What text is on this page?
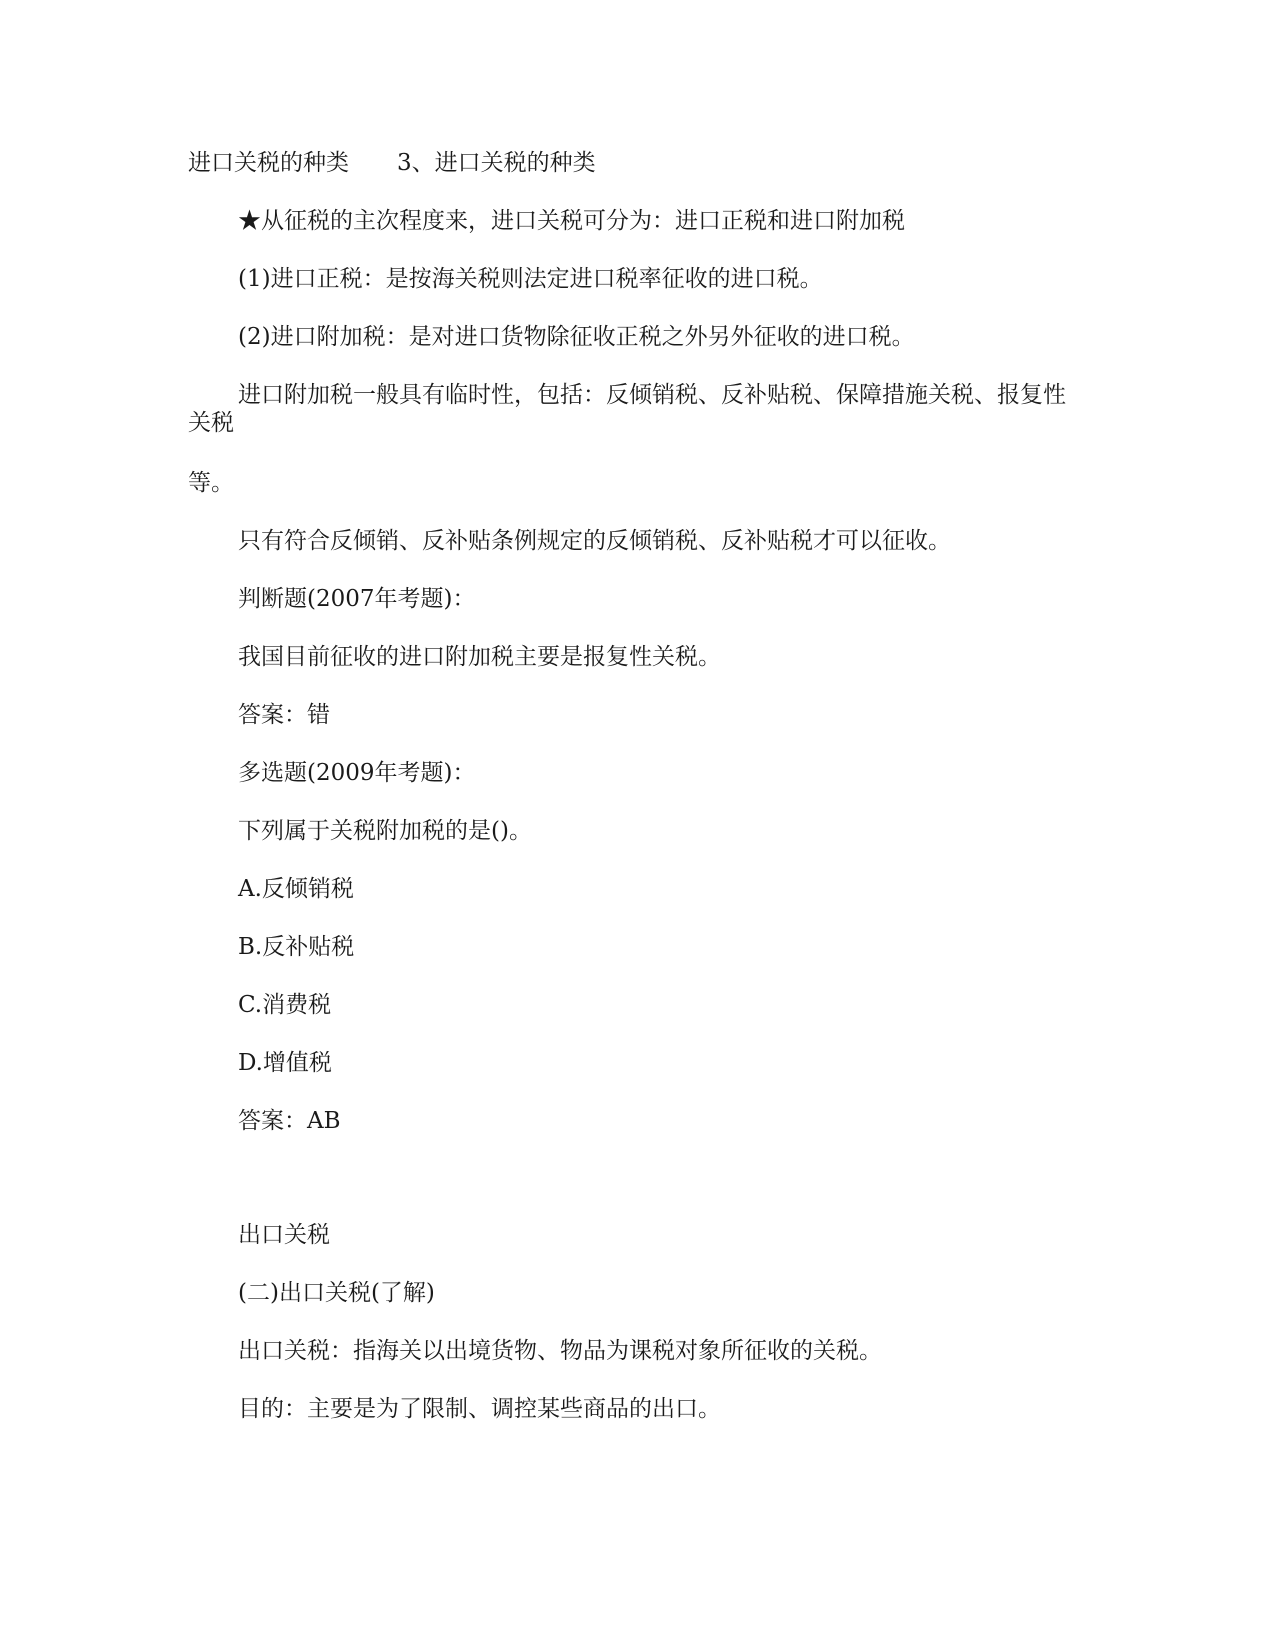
进口关税的种类 3、进口关税的种类
★从征税的主次程度来，进口关税可分为：进口正税和进口附加税
(1)进口正税：是按海关税则法定进口税率征收的进口税。
(2)进口附加税：是对进口货物除征收正税之外另外征收的进口税。
进口附加税一般具有临时性，包括：反倾销税、反补贴税、保障措施关税、报复性关税
等。
只有符合反倾销、反补贴条例规定的反倾销税、反补贴税才可以征收。
判断题(2007年考题)：
我国目前征收的进口附加税主要是报复性关税。
答案：错
多选题(2009年考题)：
下列属于关税附加税的是()。
A.反倾销税
B.反补贴税
C.消费税
D.增值税
答案：AB
出口关税
(二)出口关税(了解)
出口关税：指海关以出境货物、物品为课税对象所征收的关税。
目的：主要是为了限制、调控某些商品的出口。
